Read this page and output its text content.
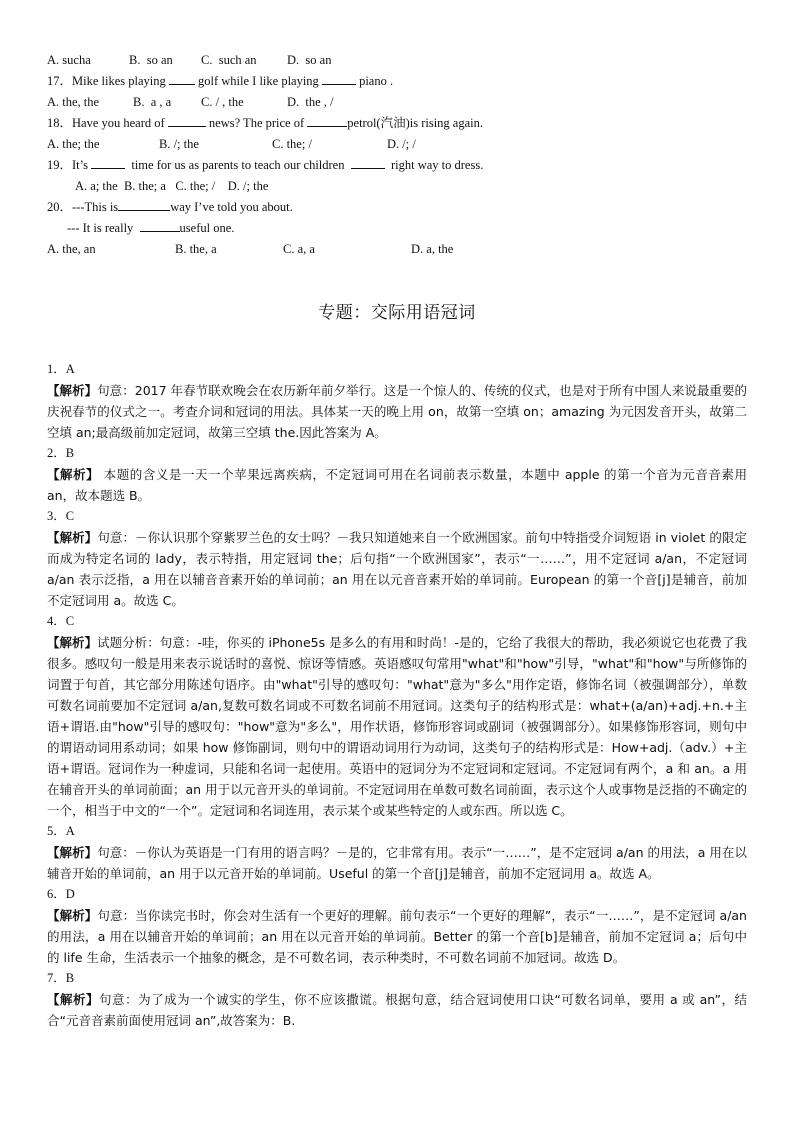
A. sucha	B.  so an C.  such an D.  so an
17．Mike likes playing  golf while I like playing	piano .
A. the, the	B.  a , a C. / , the	D.  the , /
18．Have you heard of	news? The price of	petrol(汽油)is rising again.
A. the; the	B. /; the	C. the; /	D. /; /
19．It’s	time for us as parents to teach our children	right way to dress.
A. a; the  B. the; a   C. the; /    D. /; the
20．---This is	way I’ve told you about.
--- It is really	useful one.
A. the, an	B. the, a	C. a, a	D. a, the
专题：交际用语冠词
1．A
【解析】句意：2017 年春节联欢晚会在农历新年前夕举行。这是一个惊人的、传统的仪式，也是对于所有中国人来说最重要的庆祝春节的仪式之一。考查介词和冠词的用法。具体某一天的晚上用 on，故第一空填 on；amazing 为元因发音开头，故第二空填 an;最高级前加定冠词，故第三空填 the.因此答案为 A。
2．B
【解析】 本题的含义是一天一个苹果远离疾病，不定冠词可用在名词前表示数量，本题中 apple 的第一个音为元音音素用 an，故本题选 B。
3．C
【解析】句意：－你认识那个穿紫罗兰色的女士吗？－我只知道她来自一个欧洲国家。前句中特指受介词短语 in violet 的限定而成为特定名词的 lady，表示特指，用定冠词 the；后句指“一个欧洲国家”，表示“一……”，用不定冠词 a/an，不定冠词 a/an 表示泛指，a 用在以辅音音素开始的单词前；an 用在以元音音素开始的单词前。European 的第一个音[j]是辅音，前加不定冠词用 a。故选 C。
4．C
【解析】试题分析：句意：-哇，你买的 iPhone5s 是多么的有用和时尚！-是的，它给了我很大的帮助，我必须说它也花费了我很多。感叹句一般是用来表示说话时的喜悦、惊讶等情感。英语感叹句常用"what"和"how"引导，"what"和"how"与所修饰的词置于句首，其它部分用陈述句语序。由"what"引导的感叹句："what"意为"多么"用作定语，修饰名词（被强调部分），单数可数名词前要加不定冠词 a/an,复数可数名词或不可数名词前不用冠词。这类句子的结构形式是：what+(a/an)+adj.+n.+主语+谓语.由"how"引导的感叹句："how"意为"多么"，用作状语，修饰形容词或副词（被强调部分）。如果修饰形容词，则句中的谓语动词用系动词；如果 how 修饰副词，则句中的谓语动词用行为动词，这类句子的结构形式是：How+adj.（adv.）+主语+谓语。冠词作为一种虚词，只能和名词一起使用。英语中的冠词分为不定冠词和定冠词。不定冠词有两个，a 和 an。a 用在辅音开头的单词前面；an 用于以元音开头的单词前。不定冠词用在单数可数名词前面，表示这个人或事物是泛指的不确定的一个，相当于中文的“一个”。定冠词和名词连用，表示某个或某些特定的人或东西。所以选 C。
5．A
【解析】句意：－你认为英语是一门有用的语言吗？－是的，它非常有用。表示“一……”，是不定冠词 a/an 的用法，a 用在以辅音开始的单词前，an 用于以元音开始的单词前。Useful 的第一个音[j]是辅音，前加不定冠词用 a。故选 A。
6．D
【解析】句意：当你读完书时，你会对生活有一个更好的理解。前句表示“一个更好的理解”，表示“一……”，是不定冠词 a/an 的用法，a 用在以辅音开始的单词前；an 用在以元音开始的单词前。Better 的第一个音[b]是辅音，前加不定冠词 a；后句中的 life 生命，生活表示一个抽象的概念，是不可数名词，表示种类时，不可数名词前不加冠词。故选 D。
7．B
【解析】句意：为了成为一个诚实的学生，你不应该撒谎。根据句意，结合冠词使用口诀“可数名词单，要用 a 或 an”，结合“元音音素前面使用冠词 an”,故答案为：B.
